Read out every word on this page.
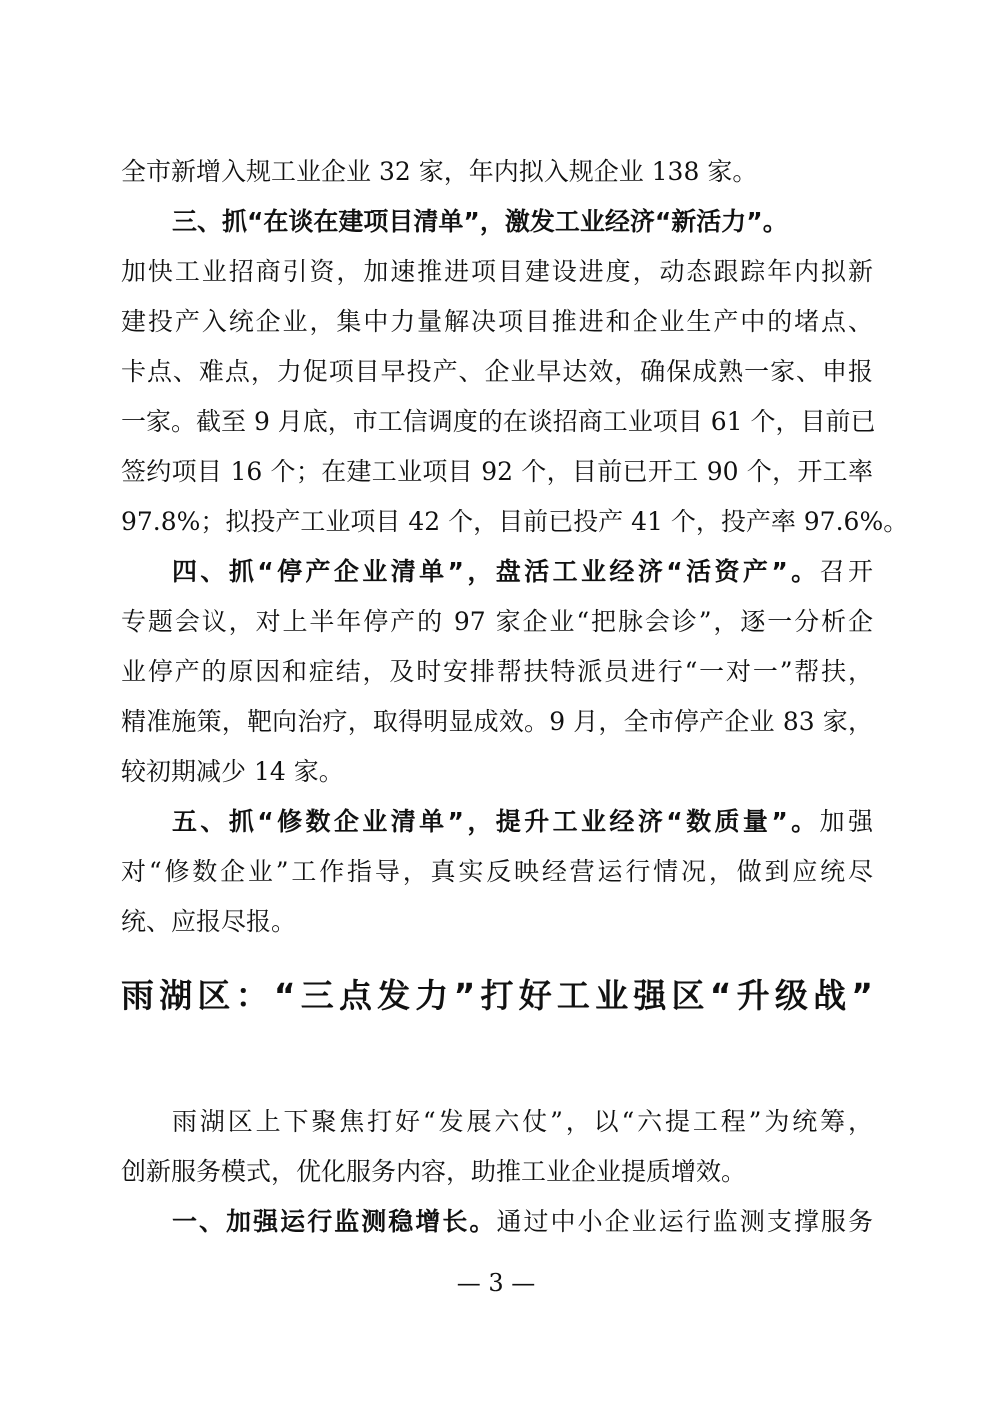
全市新增入规工业企业 32 家，年内拟入规企业 138 家。
三、抓“在谈在建项目清单”，激发工业经济“新活力”。
加快工业招商引资，加速推进项目建设进度，动态跟踪年内拟新
建投产入统企业，集中力量解决项目推进和企业生产中的堵点、
卡点、难点，力促项目早投产、企业早达效，确保成熟一家、申报
一家。截至 9 月底，市工信调度的在谈招商工业项目 61 个，目前已
签约项目 16 个；在建工业项目 92 个，目前已开工 90 个，开工率
97.8%；拟投产工业项目 42 个，目前已投产 41 个，投产率 97.6%。
四、抓“停产企业清单”，盘活工业经济“活资产”。召开
专题会议，对上半年停产的 97 家企业“把脉会诊”，逐一分析企
业停产的原因和症结，及时安排帮扶特派员进行“一对一”帮扶，
精准施策，靶向治疗，取得明显成效。9 月，全市停产企业 83 家，
较初期减少 14 家。
五、抓“修数企业清单”，提升工业经济“数质量”。加强
对“修数企业”工作指导，真实反映经营运行情况，做到应统尽
统、应报尽报。
雨湖区：“三点发力”打好工业强区“升级战”
雨湖区上下聚焦打好“发展六仗”，以“六提工程”为统筹，
创新服务模式，优化服务内容，助推工业企业提质增效。
一、加强运行监测稳增长。通过中小企业运行监测支撑服务
— 3 —
